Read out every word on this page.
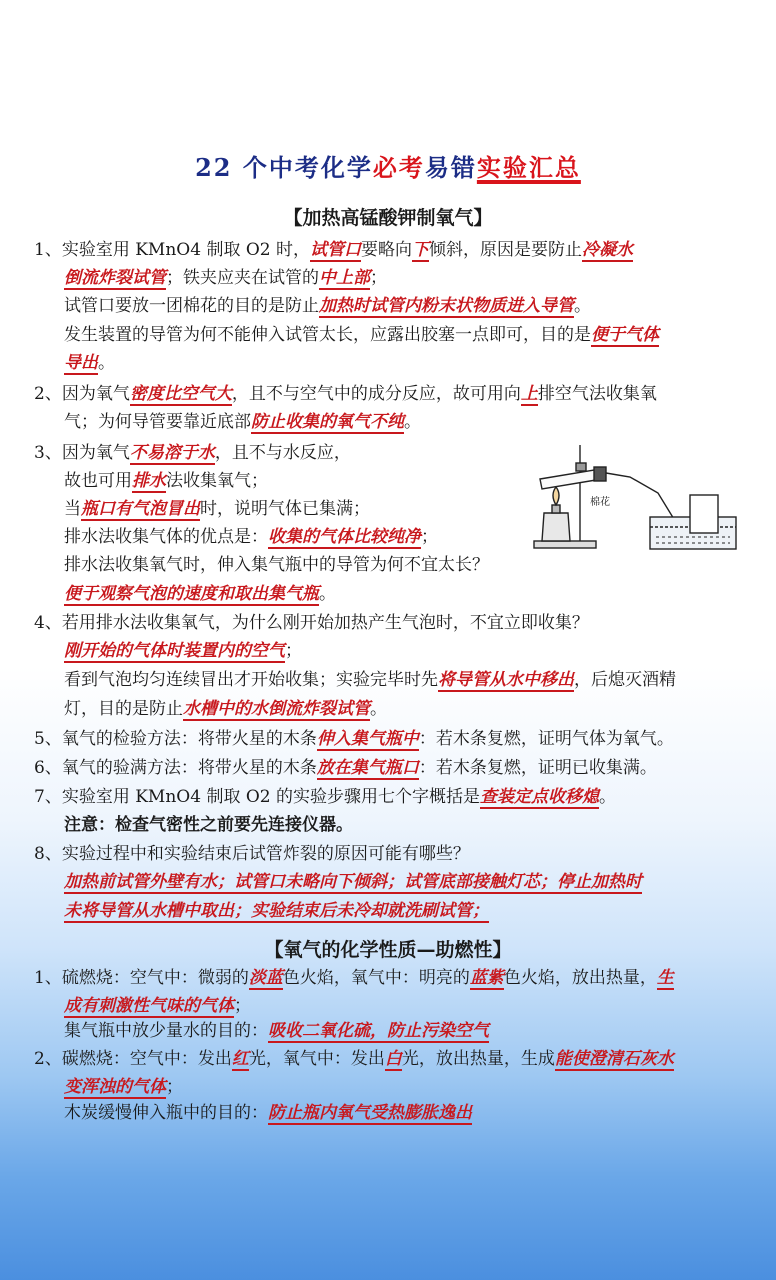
22 个中考化学必考易错实验汇总
【加热高锰酸钾制氧气】
1、实验室用 KMnO4 制取 O2 时，试管口要略向下倾斜，原因是要防止冷凝水
倒流炸裂试管；铁夹应夹在试管的中上部；
试管口要放一团棉花的目的是防止加热时试管内粉末状物质进入导管。
发生装置的导管为何不能伸入试管太长，应露出胶塞一点即可，目的是便于气体
导出。
2、因为氧气密度比空气大，且不与空气中的成分反应，故可用向上排空气法收集氧
气；为何导管要靠近底部防止收集的氧气不纯。
3、因为氧气不易溶于水，且不与水反应，
故也可用排水法收集氧气；
当瓶口有气泡冒出时，说明气体已集满；
排水法收集气体的优点是：收集的气体比较纯净；
排水法收集氧气时，伸入集气瓶中的导管为何不宜太长？
便于观察气泡的速度和取出集气瓶。
棉花
4、若用排水法收集氧气，为什么刚开始加热产生气泡时，不宜立即收集？
刚开始的气体时装置内的空气；
看到气泡均匀连续冒出才开始收集；实验完毕时先将导管从水中移出，后熄灭酒精
灯，目的是防止水槽中的水倒流炸裂试管。
5、氧气的检验方法：将带火星的木条伸入集气瓶中：若木条复燃，证明气体为氧气。
6、氧气的验满方法：将带火星的木条放在集气瓶口：若木条复燃，证明已收集满。
7、实验室用 KMnO4 制取 O2 的实验步骤用七个字概括是查装定点收移熄。
注意：检查气密性之前要先连接仪器。
8、实验过程中和实验结束后试管炸裂的原因可能有哪些？
加热前试管外壁有水；试管口未略向下倾斜；试管底部接触灯芯；停止加热时
未将导管从水槽中取出；实验结束后未冷却就洗刷试管；
【氧气的化学性质—助燃性】
1、硫燃烧：空气中：微弱的淡蓝色火焰，氧气中：明亮的蓝紫色火焰，放出热量，生
成有刺激性气味的气体；
集气瓶中放少量水的目的：吸收二氧化硫，防止污染空气
2、碳燃烧：空气中：发出红光，氧气中：发出白光，放出热量，生成能使澄清石灰水
变浑浊的气体；
木炭缓慢伸入瓶中的目的：防止瓶内氧气受热膨胀逸出
